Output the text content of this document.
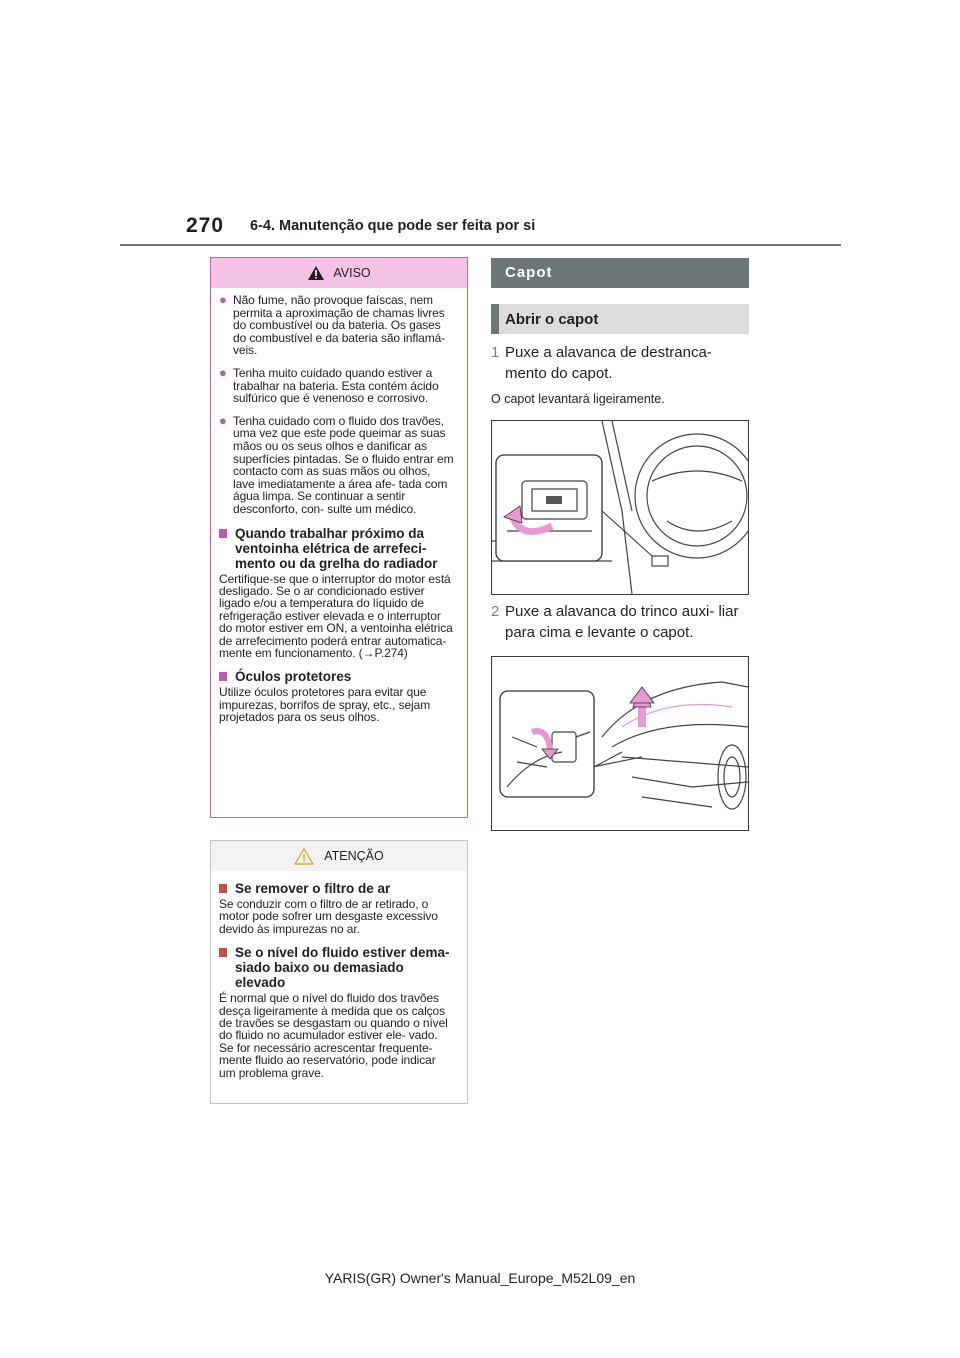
270 6-4. Manutenção que pode ser feita por si
AVISO
● Não fume, não provoque faíscas, nem permita a aproximação de chamas livres do combustível ou da bateria. Os gases do combustível e da bateria são inflamá- veis.
● Tenha muito cuidado quando estiver a trabalhar na bateria. Esta contém ácido sulfúrico que é venenoso e corrosivo.
● Tenha cuidado com o fluido dos travões, uma vez que este pode queimar as suas mãos ou os seus olhos e danificar as superfícies pintadas. Se o fluido entrar em contacto com as suas mãos ou olhos, lave imediatamente a área afe- tada com água limpa. Se continuar a sentir desconforto, con- sulte um médico.
Quando trabalhar próximo da ventoinha elétrica de arrefeci- mento ou da grelha do radiador
Certifique-se que o interruptor do motor está desligado. Se o ar condicionado estiver ligado e/ou a temperatura do líquido de refrigeração estiver elevada e o interruptor do motor estiver em ON, a ventoinha elétrica de arrefecimento poderá entrar automatica- mente em funcionamento. (→P.274)
Óculos protetores
Utilize óculos protetores para evitar que impurezas, borrifos de spray, etc., sejam projetados para os seus olhos.
ATENÇÃO
Se remover o filtro de ar
Se conduzir com o filtro de ar retirado, o motor pode sofrer um desgaste excessivo devido às impurezas no ar.
Se o nível do fluido estiver dema- siado baixo ou demasiado elevado
É normal que o nível do fluido dos travões desça ligeiramente à medida que os calços de travões se desgastam ou quando o nível do fluido no acumulador estiver ele- vado. Se for necessário acrescentar frequente- mente fluido ao reservatório, pode indicar um problema grave.
Capot
Abrir o capot
1 Puxe a alavanca de destranca- mento do capot.
O capot levantará ligeiramente.
2 Puxe a alavanca do trinco auxi- liar para cima e levante o capot.
YARIS(GR) Owner's Manual_Europe_M52L09_en
